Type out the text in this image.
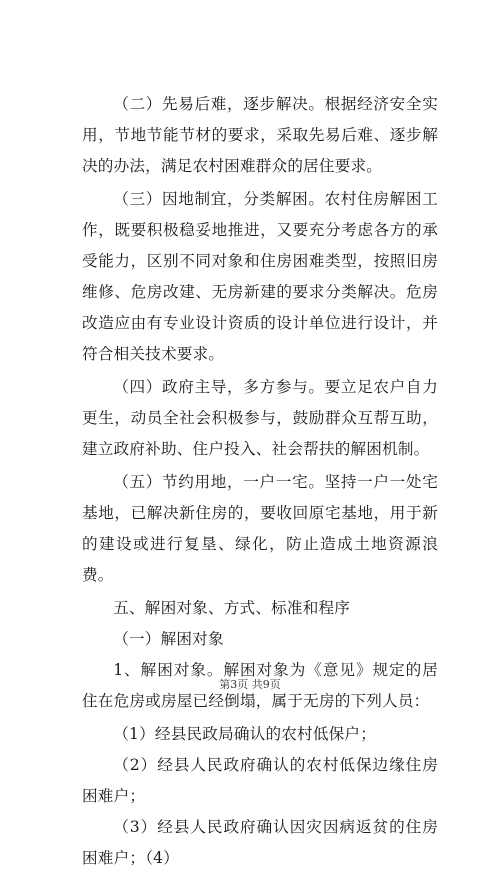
（二）先易后难，逐步解决。根据经济安全实用，节地节能节材的要求，采取先易后难、逐步解决的办法，满足农村困难群众的居住要求。

（三）因地制宜，分类解困。农村住房解困工作，既要积极稳妥地推进，又要充分考虑各方的承受能力，区别不同对象和住房困难类型，按照旧房维修、危房改建、无房新建的要求分类解决。危房改造应由有专业设计资质的设计单位进行设计，并符合相关技术要求。

（四）政府主导，多方参与。要立足农户自力更生，动员全社会积极参与，鼓励群众互帮互助，建立政府补助、住户投入、社会帮扶的解困机制。

（五）节约用地，一户一宅。坚持一户一处宅基地，已解决新住房的，要收回原宅基地，用于新的建设或进行复垦、绿化，防止造成土地资源浪费。

五、解困对象、方式、标准和程序

（一）解困对象

1、解困对象。解困对象为《意见》规定的居住在危房或房屋已经倒塌，属于无房的下列人员：

（1）经县民政局确认的农村低保户；

（2）经县人民政府确认的农村低保边缘住房困难户；

（3）经县人民政府确认因灾因病返贫的住房困难户；（4）

第3页 共9页
